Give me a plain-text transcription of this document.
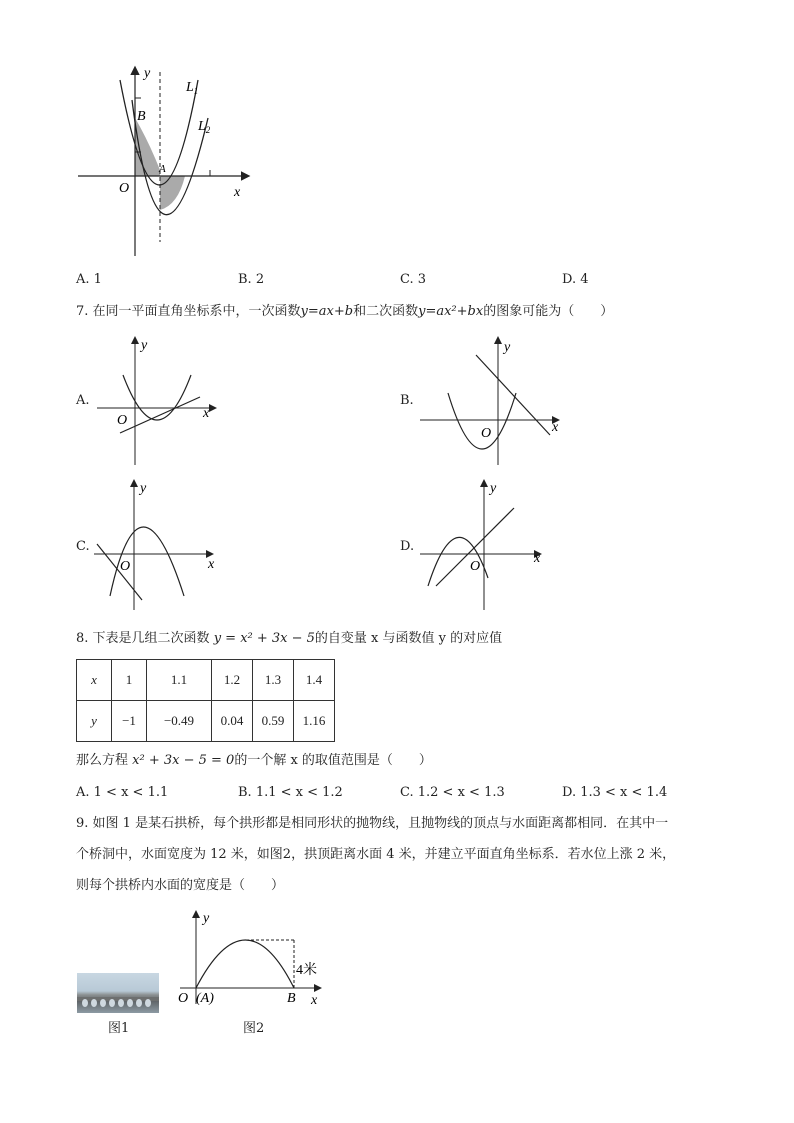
y
$L_1$
$L_2$
B
A
O	x
A. 1	B. 2	C. 3	D. 4
7. 在同一平面直角坐标系中，一次函数y=ax+b和二次函数y=ax²+bx的图象可能为（　　）
A.
y
O	x
B.
y
O	x
C.
y
O	x
D.
y
O
x
8. 下表是几组二次函数 y = x² + 3x − 5的自变量 x 与函数值 y 的对应值
x	1	1.1	1.2	1.3	1.4
y	−1	−0.49	0.04	0.59	1.16
那么方程 x² + 3x − 5 = 0的一个解 x 的取值范围是（　　）
A. 1 < x < 1.1	B. 1.1 < x < 1.2	C. 1.2 < x < 1.3	D. 1.3 < x < 1.4
9. 如图 1 是某石拱桥，每个拱形都是相同形状的抛物线，且抛物线的顶点与水面距离都相同．在其中一
个桥洞中，水面宽度为 12 米，如图2，拱顶距离水面 4 米，并建立平面直角坐标系．若水位上涨 2 米，
则每个拱桥内水面的宽度是（　　）
图1
y
x
O (A)	B
4米
图2
